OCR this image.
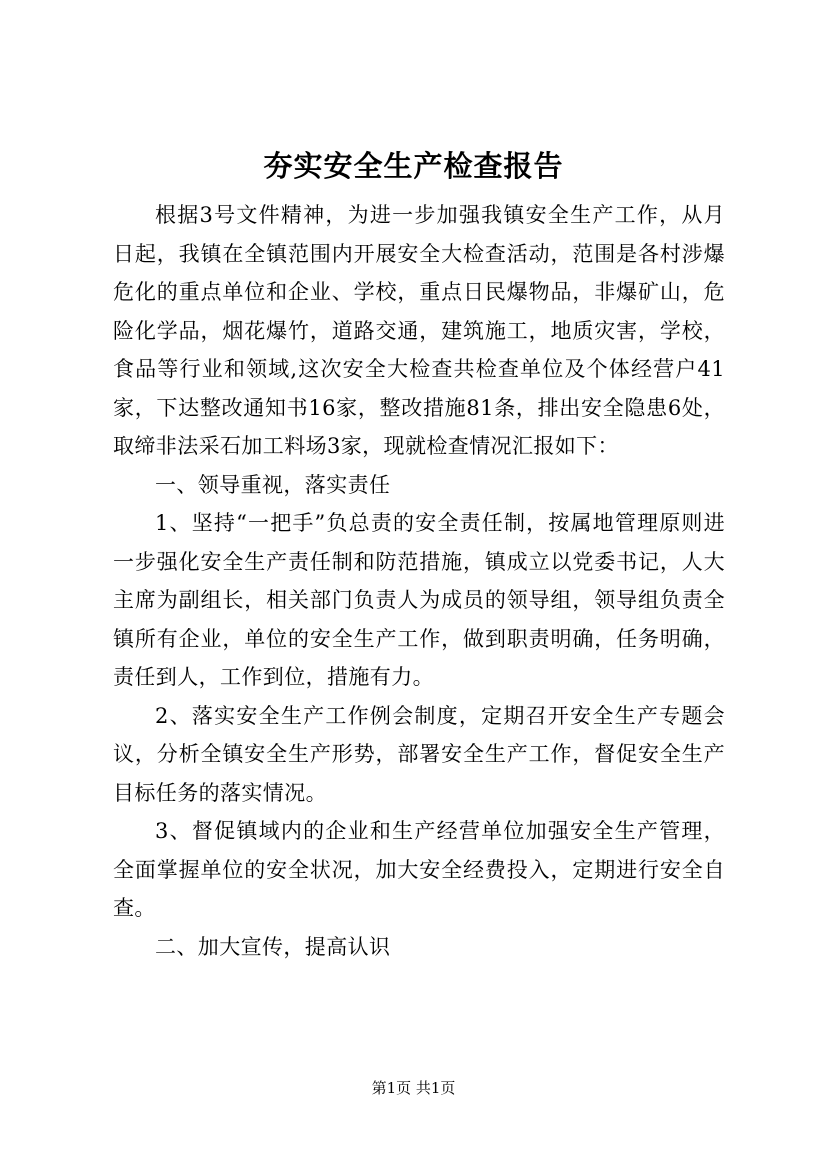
夯实安全生产检查报告

根据3号文件精神，为进一步加强我镇安全生产工作，从月日起，我镇在全镇范围内开展安全大检查活动，范围是各村涉爆危化的重点单位和企业、学校，重点日民爆物品，非爆矿山，危险化学品，烟花爆竹，道路交通，建筑施工，地质灾害，学校，食品等行业和领域,这次安全大检查共检查单位及个体经营户41家，下达整改通知书16家，整改措施81条，排出安全隐患6处，取缔非法采石加工料场3家，现就检查情况汇报如下：

一、领导重视，落实责任

1、坚持“一把手”负总责的安全责任制，按属地管理原则进一步强化安全生产责任制和防范措施，镇成立以党委书记，人大主席为副组长，相关部门负责人为成员的领导组，领导组负责全镇所有企业，单位的安全生产工作，做到职责明确，任务明确，责任到人，工作到位，措施有力。

2、落实安全生产工作例会制度，定期召开安全生产专题会议，分析全镇安全生产形势，部署安全生产工作，督促安全生产目标任务的落实情况。

3、督促镇域内的企业和生产经营单位加强安全生产管理，全面掌握单位的安全状况，加大安全经费投入，定期进行安全自查。

二、加大宣传，提高认识

第1页 共1页
